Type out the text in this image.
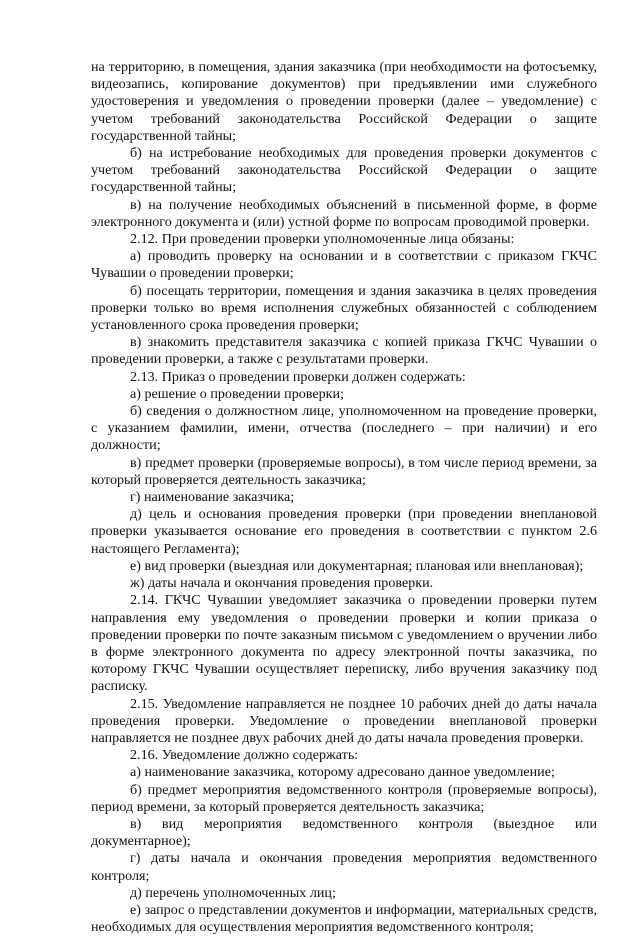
на территорию, в помещения, здания заказчика (при необходимости на фотосъемку, видеозапись, копирование документов) при предъявлении ими служебного удостоверения и уведомления о проведении проверки (далее – уведомление) с учетом требований законодательства Российской Федерации о защите государственной тайны;

б) на истребование необходимых для проведения проверки документов с учетом требований законодательства Российской Федерации о защите государственной тайны;

в) на получение необходимых объяснений в письменной форме, в форме электронного документа и (или) устной форме по вопросам проводимой проверки.

2.12. При проведении проверки уполномоченные лица обязаны:

а) проводить проверку на основании и в соответствии с приказом ГКЧС Чувашии о проведении проверки;

б) посещать территории, помещения и здания заказчика в целях проведения проверки только во время исполнения служебных обязанностей с соблюдением установленного срока проведения проверки;

в) знакомить представителя заказчика с копией приказа ГКЧС Чувашии о проведении проверки, а также с результатами проверки.

2.13. Приказ о проведении проверки должен содержать:

а) решение о проведении проверки;

б) сведения о должностном лице, уполномоченном на проведение проверки, с указанием фамилии, имени, отчества (последнего – при наличии) и его должности;

в) предмет проверки (проверяемые вопросы), в том числе период времени, за который проверяется деятельность заказчика;

г) наименование заказчика;

д) цель и основания проведения проверки (при проведении внеплановой проверки указывается основание его проведения в соответствии с пунктом 2.6 настоящего Регламента);

е) вид проверки (выездная или документарная; плановая или внеплановая);

ж) даты начала и окончания проведения проверки.

2.14. ГКЧС Чувашии уведомляет заказчика о проведении проверки путем направления ему уведомления о проведении проверки и копии приказа о проведении проверки по почте заказным письмом с уведомлением о вручении либо в форме электронного документа по адресу электронной почты заказчика, по которому ГКЧС Чувашии осуществляет переписку, либо вручения заказчику под расписку.

2.15. Уведомление направляется не позднее 10 рабочих дней до даты начала проведения проверки. Уведомление о проведении внеплановой проверки направляется не позднее двух рабочих дней до даты начала проведения проверки.

2.16. Уведомление должно содержать:

а) наименование заказчика, которому адресовано данное уведомление;

б) предмет мероприятия ведомственного контроля (проверяемые вопросы), период времени, за который проверяется деятельность заказчика;

в) вид мероприятия ведомственного контроля (выездное или документарное);

г) даты начала и окончания проведения мероприятия ведомственного контроля;

д) перечень уполномоченных лиц;

е) запрос о представлении документов и информации, материальных средств, необходимых для осуществления мероприятия ведомственного контроля;
